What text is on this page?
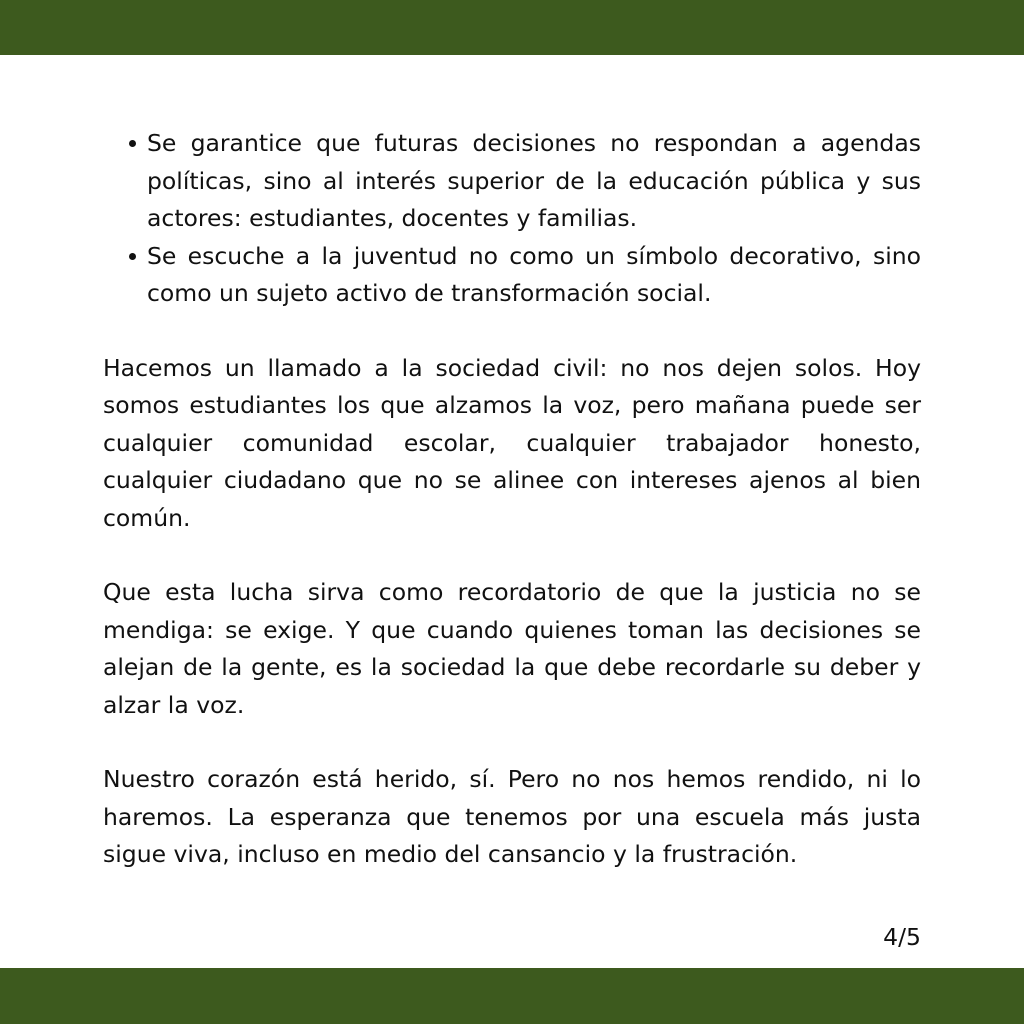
Se garantice que futuras decisiones no respondan a agendas políticas, sino al interés superior de la educación pública y sus actores: estudiantes, docentes y familias.
Se escuche a la juventud no como un símbolo decorativo, sino como un sujeto activo de transformación social.

Hacemos un llamado a la sociedad civil: no nos dejen solos. Hoy somos estudiantes los que alzamos la voz, pero mañana puede ser cualquier comunidad escolar, cualquier trabajador honesto, cualquier ciudadano que no se alinee con intereses ajenos al bien común.

Que esta lucha sirva como recordatorio de que la justicia no se mendiga: se exige. Y que cuando quienes toman las decisiones se alejan de la gente, es la sociedad la que debe recordarle su deber y alzar la voz.

Nuestro corazón está herido, sí. Pero no nos hemos rendido, ni lo haremos. La esperanza que tenemos por una escuela más justa sigue viva, incluso en medio del cansancio y la frustración.

4/5
